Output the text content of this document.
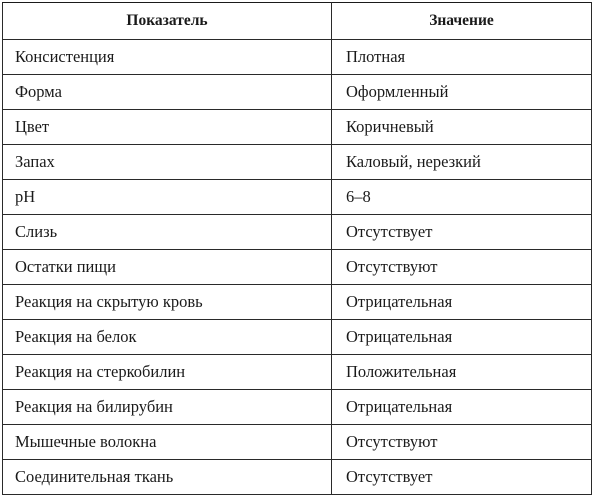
Показатель	Значение
Консистенция	Плотная
Форма	Оформленный
Цвет	Коричневый
Запах	Каловый, нерезкий
pH	6–8
Слизь	Отсутствует
Остатки пищи	Отсутствуют
Реакция на скрытую кровь	Отрицательная
Реакция на белок	Отрицательная
Реакция на стеркобилин	Положительная
Реакция на билирубин	Отрицательная
Мышечные волокна	Отсутствуют
Соединительная ткань	Отсутствует
